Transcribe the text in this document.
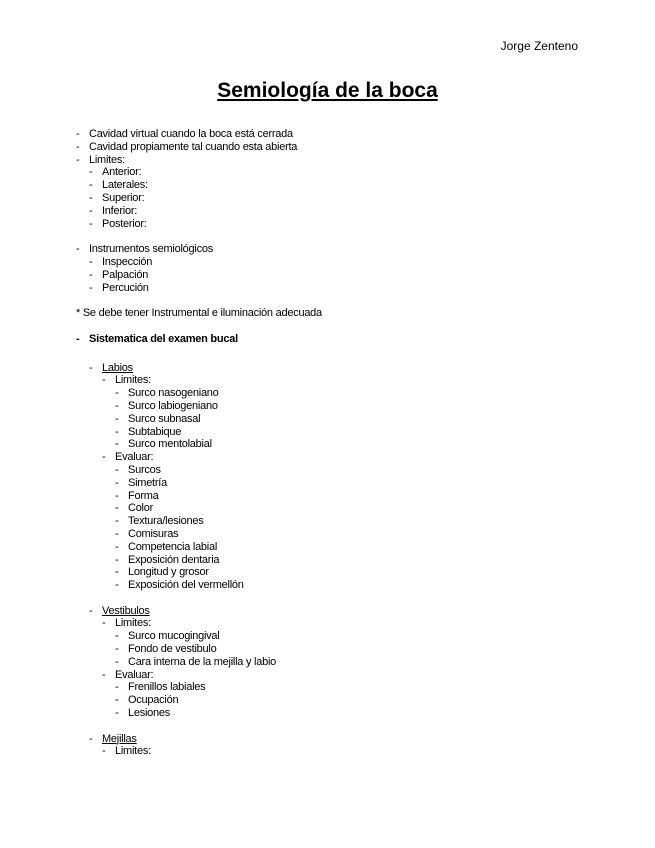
Jorge Zenteno
Semiología de la boca
- Cavidad virtual cuando la boca está cerrada
- Cavidad propiamente tal cuando esta abierta
- Limites:
- Anterior:
- Laterales:
- Superior:
- Inferior:
- Posterior:
- Instrumentos semiológicos
- Inspección
- Palpación
- Percución
* Se debe tener Instrumental e iluminación adecuada
- Sistematica del examen bucal
- Labios
- Limites:
- Surco nasogeniano
- Surco labiogeniano
- Surco subnasal
- Subtabique
- Surco mentolabial
- Evaluar:
- Surcos
- Simetría
- Forma
- Color
- Textura/lesiones
- Comisuras
- Competencia labial
- Exposición dentaria
- Longitud y grosor
- Exposición del vermellón
- Vestibulos
- Limites:
- Surco mucogingival
- Fondo de vestibulo
- Cara interna de la mejilla y labio
- Evaluar:
- Frenillos labiales
- Ocupación
- Lesiones
- Mejillas
- Limites:
